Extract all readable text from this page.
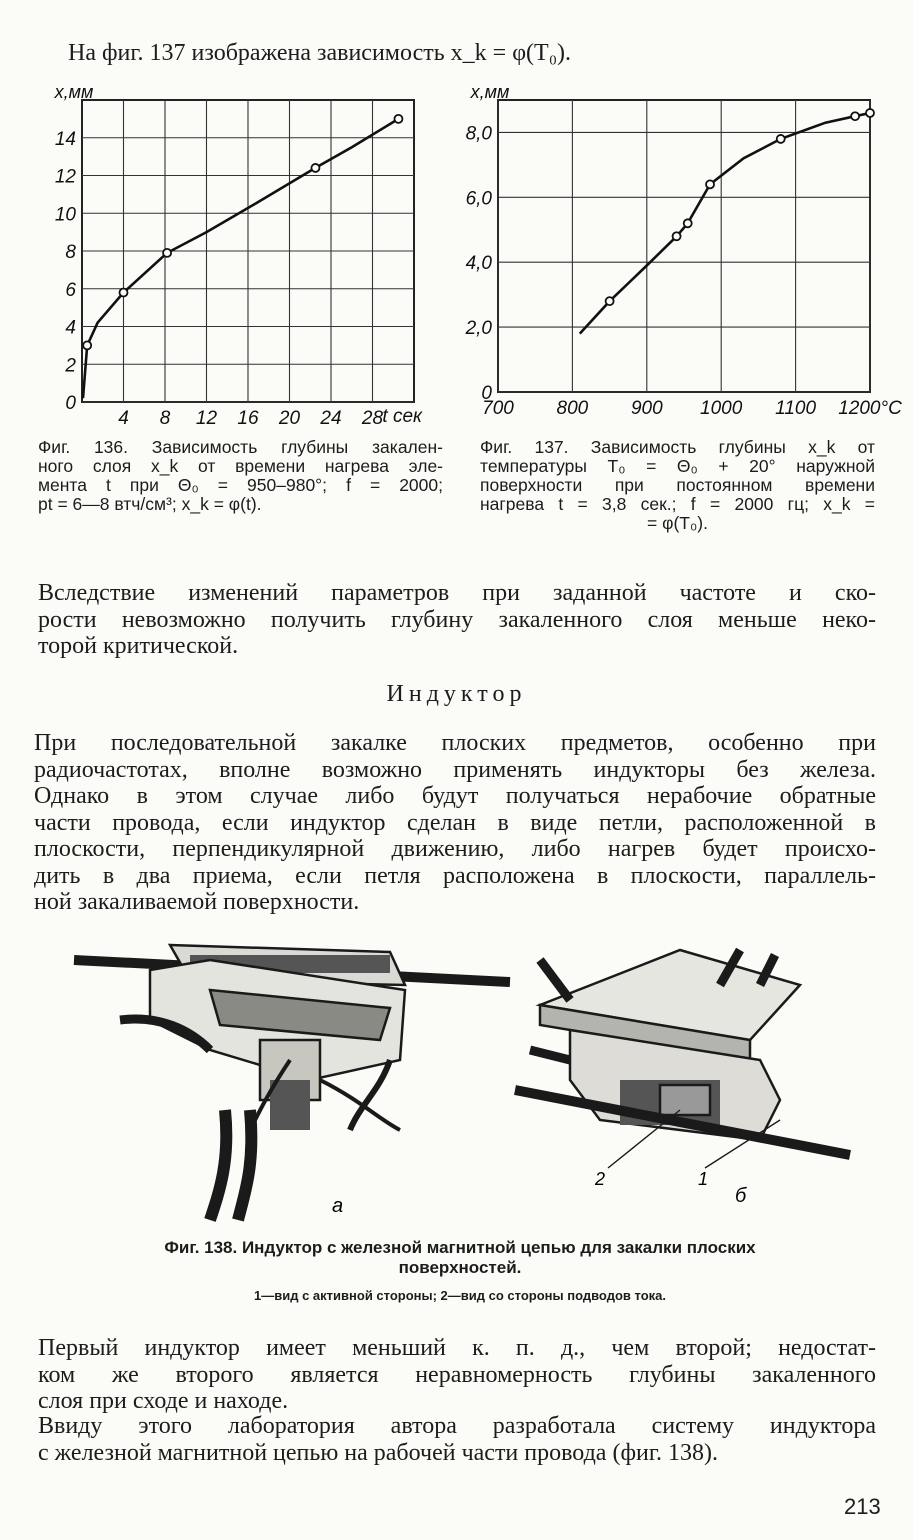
На фиг. 137 изображена зависимость x_k = φ(T₀).
4 8 12 16 20 24 28
0
2
4
6
8
10
12
14
x,мм
t сек	700 800 900 1000 1100 1200°C
0
2,0
4,0
6,0
8,0
x,мм
Фиг. 136. Зависимость глубины закален-
ного слоя x_k от времени нагрева эле-
мента t при Θ₀ = 950–980°; f = 2000;
pt = 6—8 втч/см³; x_k = φ(t).
Фиг. 137. Зависимость глубины x_k от
температуры T₀ = Θ₀ + 20° наружной
поверхности при постоянном времени
нагрева t = 3,8 сек.; f = 2000 гц; x_k =
= φ(T₀).
Вследствие изменений параметров при заданной частоте и ско-
рости невозможно получить глубину закаленного слоя меньше неко-
торой критической.
Индуктор
При последовательной закалке плоских предметов, особенно при
радиочастотах, вполне возможно применять индукторы без железа.
Однако в этом случае либо будут получаться нерабочие обратные
части провода, если индуктор сделан в виде петли, расположенной в
плоскости, перпендикулярной движению, либо нагрев будет происхо-
дить в два приема, если петля расположена в плоскости, параллель-
ной закаливаемой поверхности.
а
2	1
б
Фиг. 138. Индуктор с железной магнитной цепью для закалки плоских
поверхностей.
1—вид с активной стороны; 2—вид со стороны подводов тока.
Первый индуктор имеет меньший к. п. д., чем второй; недостат-
ком же второго является неравномерность глубины закаленного
слоя при сходе и находе.
Ввиду этого лаборатория автора разработала систему индуктора
с железной магнитной цепью на рабочей части провода (фиг. 138).
213
